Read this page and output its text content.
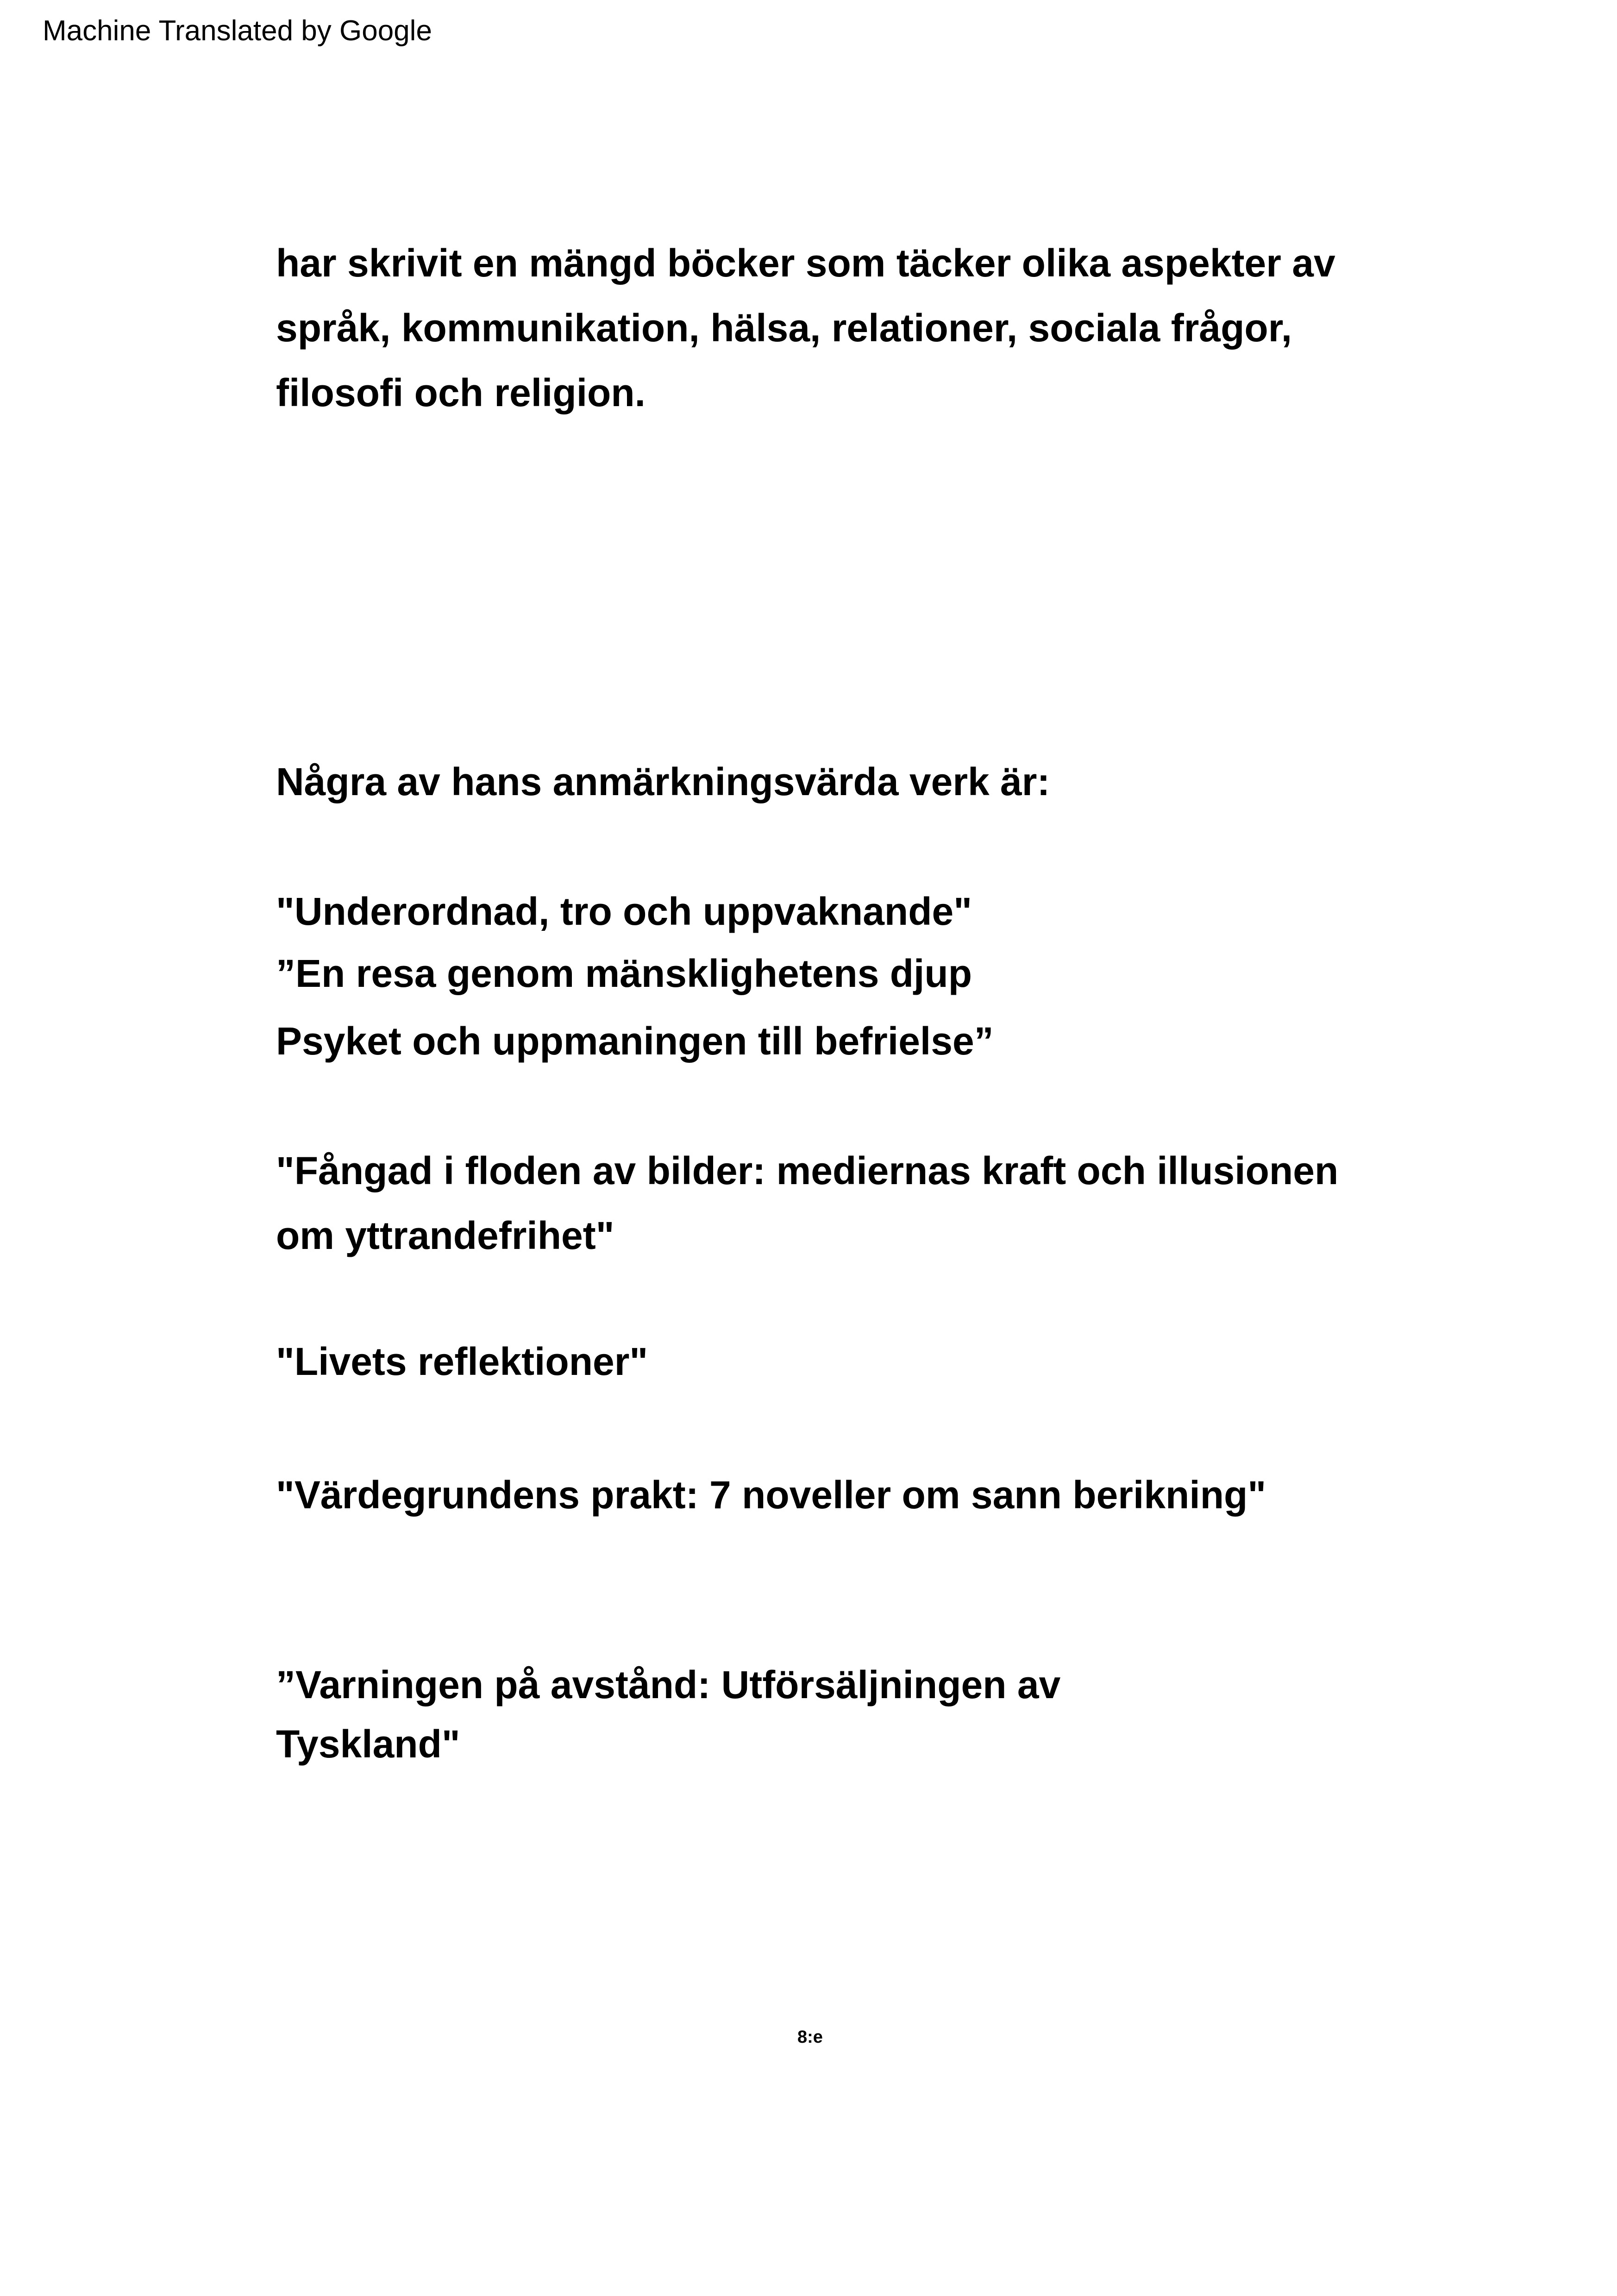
Machine Translated by Google
har skrivit en mängd böcker som täcker olika aspekter av
språk, kommunikation, hälsa, relationer, sociala frågor,
filosofi och religion.
Några av hans anmärkningsvärda verk är:
"Underordnad, tro och uppvaknande"
”En resa genom mänsklighetens djup
Psyket och uppmaningen till befrielse”
"Fångad i floden av bilder: mediernas kraft och illusionen
om yttrandefrihet"
"Livets reflektioner"
"Värdegrundens prakt: 7 noveller om sann berikning"
”Varningen på avstånd: Utförsäljningen av
Tyskland"
8:e
